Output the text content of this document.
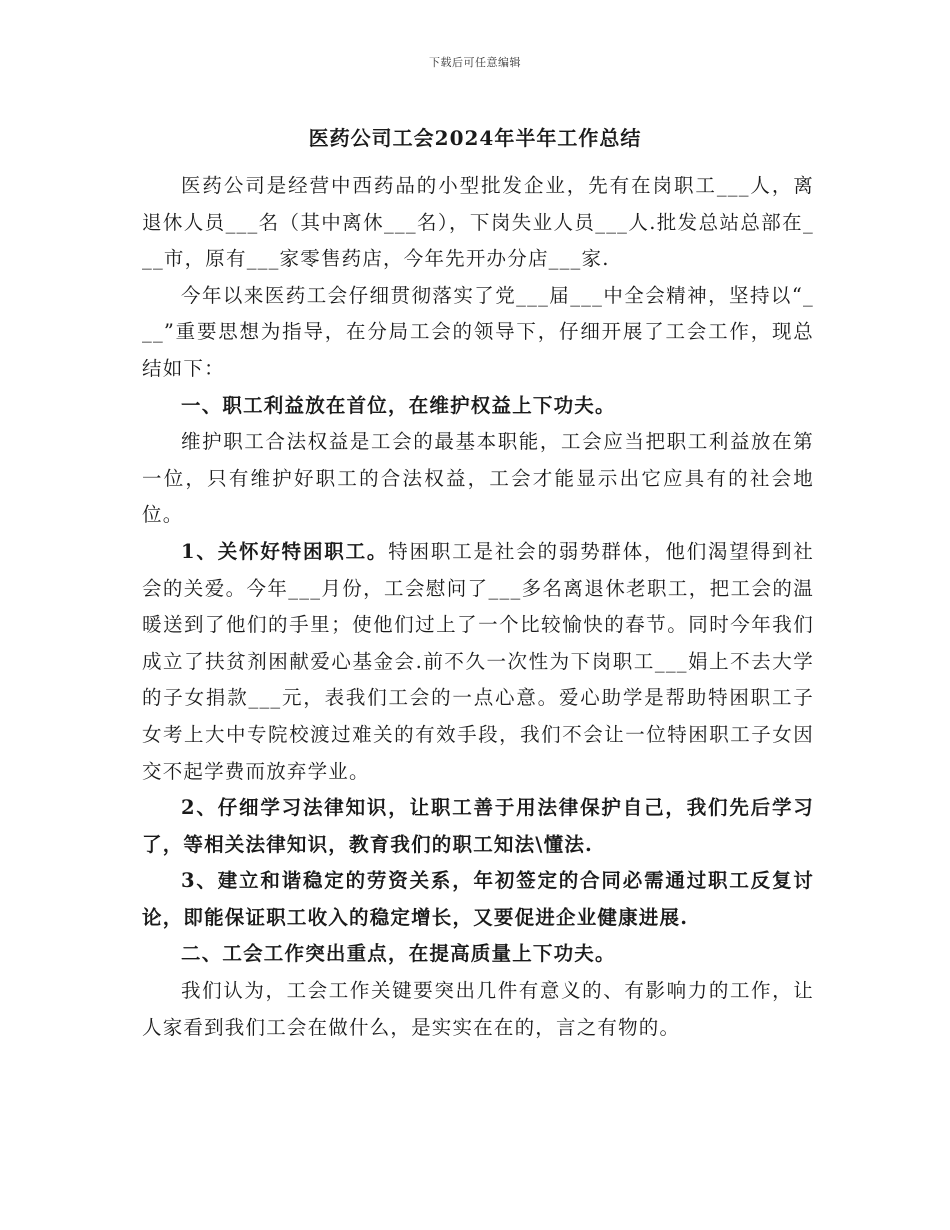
下载后可任意编辑
医药公司工会2024年半年工作总结

医药公司是经营中西药品的小型批发企业，先有在岗职工___人，离退休人员___名（其中离休___名），下岗失业人员___人.批发总站总部在___市，原有___家零售药店，今年先开办分店___家.

今年以来医药工会仔细贯彻落实了党___届___中全会精神，坚持以“___”重要思想为指导，在分局工会的领导下，仔细开展了工会工作，现总结如下：

一、职工利益放在首位，在维护权益上下功夫。

维护职工合法权益是工会的最基本职能，工会应当把职工利益放在第一位，只有维护好职工的合法权益，工会才能显示出它应具有的社会地位。

1、关怀好特困职工。特困职工是社会的弱势群体，他们渴望得到社会的关爱。今年___月份，工会慰问了___多名离退休老职工，把工会的温暖送到了他们的手里；使他们过上了一个比较愉快的春节。同时今年我们成立了扶贫剂困献爱心基金会.前不久一次性为下岗职工___娟上不去大学的子女捐款___元，表我们工会的一点心意。爱心助学是帮助特困职工子女考上大中专院校渡过难关的有效手段，我们不会让一位特困职工子女因交不起学费而放弃学业。

2、仔细学习法律知识，让职工善于用法律保护自己，我们先后学习了，等相关法律知识，教育我们的职工知法\懂法.

3、建立和谐稳定的劳资关系，年初签定的合同必需通过职工反复讨论，即能保证职工收入的稳定增长，又要促进企业健康进展.

二、工会工作突出重点，在提高质量上下功夫。

我们认为，工会工作关键要突出几件有意义的、有影响力的工作，让人家看到我们工会在做什么，是实实在在的，言之有物的。
